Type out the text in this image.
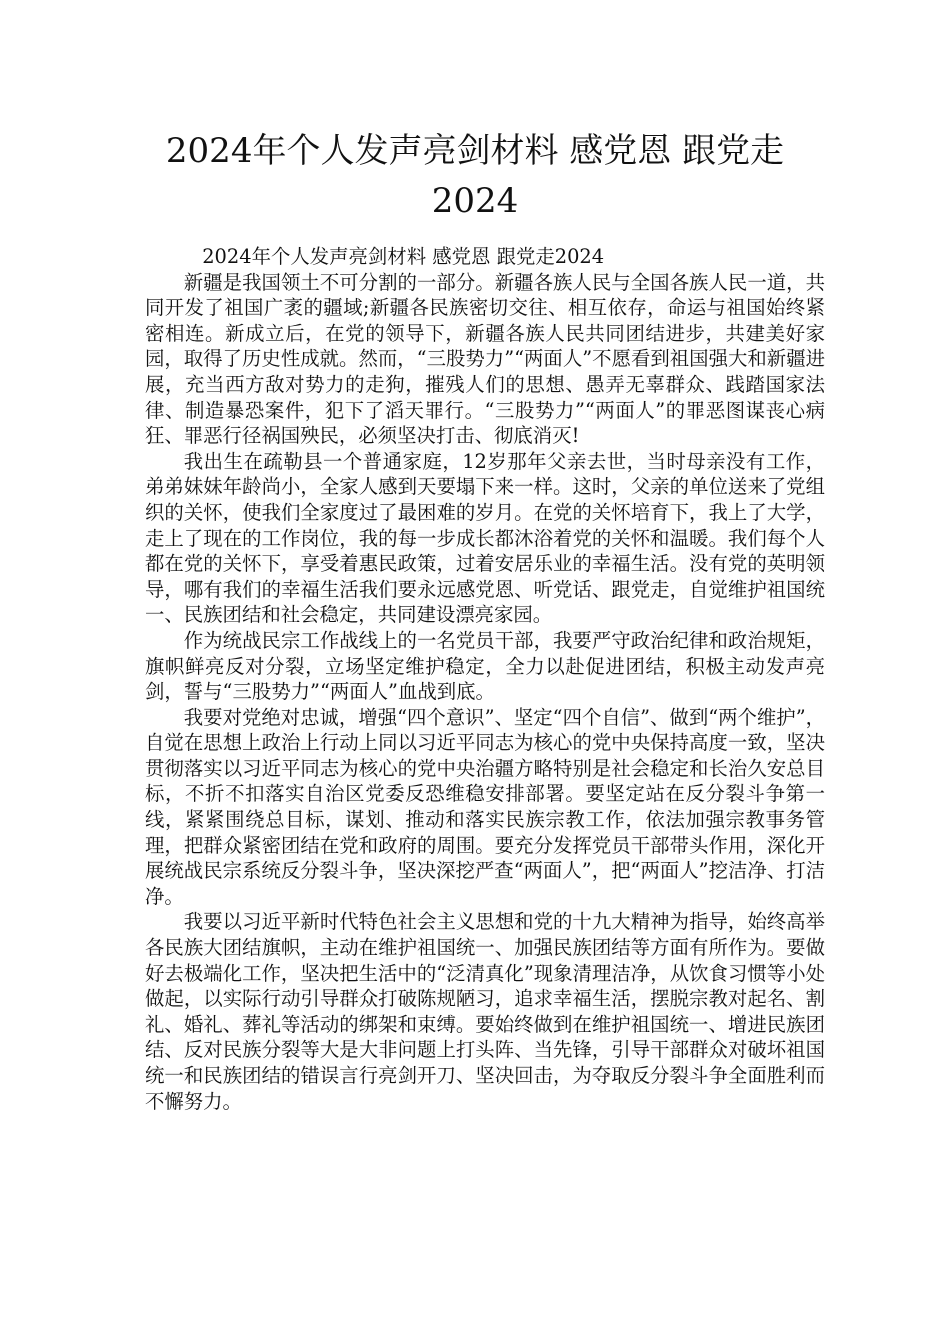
2024年个人发声亮剑材料 感党恩 跟党走
2024

2024年个人发声亮剑材料 感党恩 跟党走2024

新疆是我国领土不可分割的一部分。新疆各族人民与全国各族人民一道，共同开发了祖国广袤的疆域;新疆各民族密切交往、相互依存，命运与祖国始终紧密相连。新成立后，在党的领导下，新疆各族人民共同团结进步，共建美好家园，取得了历史性成就。然而，“三股势力”“两面人”不愿看到祖国强大和新疆进展，充当西方敌对势力的走狗，摧残人们的思想、愚弄无辜群众、践踏国家法律、制造暴恐案件，犯下了滔天罪行。“三股势力”“两面人”的罪恶图谋丧心病狂、罪恶行径祸国殃民，必须坚决打击、彻底消灭!

我出生在疏勒县一个普通家庭，12岁那年父亲去世，当时母亲没有工作，弟弟妹妹年龄尚小，全家人感到天要塌下来一样。这时，父亲的单位送来了党组织的关怀，使我们全家度过了最困难的岁月。在党的关怀培育下，我上了大学，走上了现在的工作岗位，我的每一步成长都沐浴着党的关怀和温暖。我们每个人都在党的关怀下，享受着惠民政策，过着安居乐业的幸福生活。没有党的英明领导，哪有我们的幸福生活我们要永远感党恩、听党话、跟党走，自觉维护祖国统一、民族团结和社会稳定，共同建设漂亮家园。

作为统战民宗工作战线上的一名党员干部，我要严守政治纪律和政治规矩，旗帜鲜亮反对分裂，立场坚定维护稳定，全力以赴促进团结，积极主动发声亮剑，誓与“三股势力”“两面人”血战到底。

我要对党绝对忠诚，增强“四个意识”、坚定“四个自信”、做到“两个维护”，自觉在思想上政治上行动上同以习近平同志为核心的党中央保持高度一致，坚决贯彻落实以习近平同志为核心的党中央治疆方略特别是社会稳定和长治久安总目标，不折不扣落实自治区党委反恐维稳安排部署。要坚定站在反分裂斗争第一线，紧紧围绕总目标，谋划、推动和落实民族宗教工作，依法加强宗教事务管理，把群众紧密团结在党和政府的周围。要充分发挥党员干部带头作用，深化开展统战民宗系统反分裂斗争，坚决深挖严查“两面人”，把“两面人”挖洁净、打洁净。

我要以习近平新时代特色社会主义思想和党的十九大精神为指导，始终高举各民族大团结旗帜，主动在维护祖国统一、加强民族团结等方面有所作为。要做好去极端化工作，坚决把生活中的“泛清真化”现象清理洁净，从饮食习惯等小处做起，以实际行动引导群众打破陈规陋习，追求幸福生活，摆脱宗教对起名、割礼、婚礼、葬礼等活动的绑架和束缚。要始终做到在维护祖国统一、增进民族团结、反对民族分裂等大是大非问题上打头阵、当先锋，引导干部群众对破坏祖国统一和民族团结的错误言行亮剑开刀、坚决回击，为夺取反分裂斗争全面胜利而不懈努力。
